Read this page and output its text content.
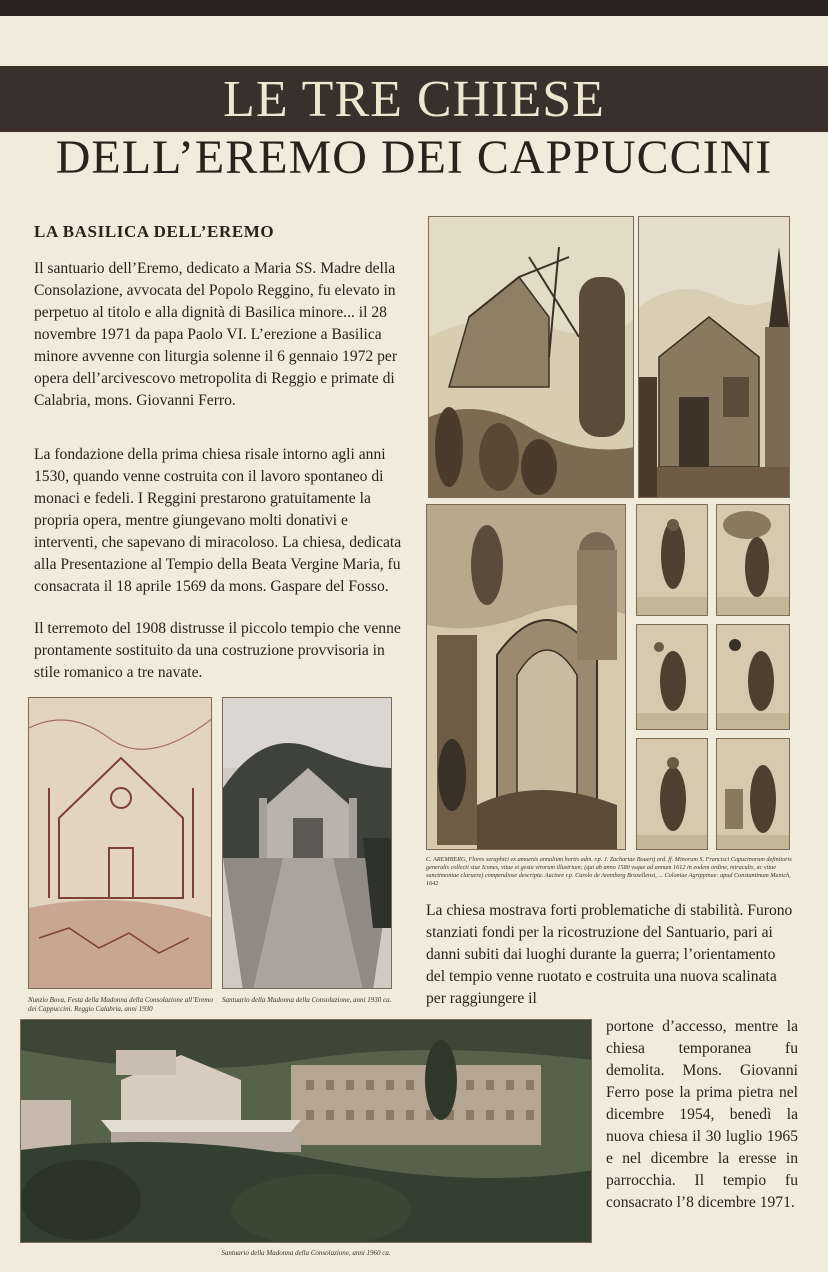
LE TRE CHIESE
DELL’EREMO DEI CAPPUCCINI
LA BASILICA DELL’EREMO
Il santuario dell’Eremo, dedicato a Maria SS. Madre della Consolazione, avvocata del Popolo Reggino, fu elevato in perpetuo al titolo e alla dignità di Basilica minore... il 28 novembre 1971 da papa Paolo VI. L’erezione a Basilica minore avvenne con liturgia solenne il 6 gennaio 1972 per opera dell’arcivescovo metropolita di Reggio e primate di Calabria, mons. Giovanni Ferro.
La fondazione della prima chiesa risale intorno agli anni 1530, quando venne costruita con il lavoro spontaneo di monaci e fedeli. I Reggini prestarono gratuitamente la propria opera, mentre giungevano molti donativi e interventi, che sapevano di miracoloso. La chiesa, dedicata alla Presentazione al Tempio della Beata Vergine Maria, fu consacrata il 18 aprile 1569 da mons. Gaspare del Fosso.
Il terremoto del 1908 distrusse il piccolo tempio che venne prontamente sostituito da una costruzione provvisoria in stile romanico a tre navate.
C. AREMBERG, Flores seraphici ex amoenis annalium hortis adm. r.p. J. Zachariae Bouerij ord. ff. Minorum S. Francisci Capucinorum definitoris generalis collecti siue Icones, vitae et gesta virorum illustrium; (qui ab anno 1580 vsque ad annum 1612 in eodem ordine, miraculis, ac vitae sanctimoniae claruere) compendiose descripta. Auctore r.p. Carolo de Aremberg Bruxellensi, ... Coloniae Agrippinae: apud Constantinum Munich, 1642
Nunzio Bova, Festa della Madonna della Consolazione all’Eremo dei Cappuccini. Reggio Calabria, anni 1930
Santuario della Madonna della Consolazione, anni 1930 ca.
La chiesa mostrava forti problematiche di stabilità. Furono stanziati fondi per la ricostruzione del Santuario, pari ai danni subiti dai luoghi durante la guerra; l’orientamento del tempio venne ruotato e costruita una nuova scalinata per raggiungere il
portone d’accesso, mentre la chiesa temporanea fu demolita. Mons. Giovanni Ferro pose la prima pietra nel dicembre 1954, benedì la nuova chiesa il 30 luglio 1965 e nel dicembre la eresse in parrocchia. Il tempio fu consacrato l’8 dicembre 1971.
Santuario della Madonna della Consolazione, anni 1960 ca.
